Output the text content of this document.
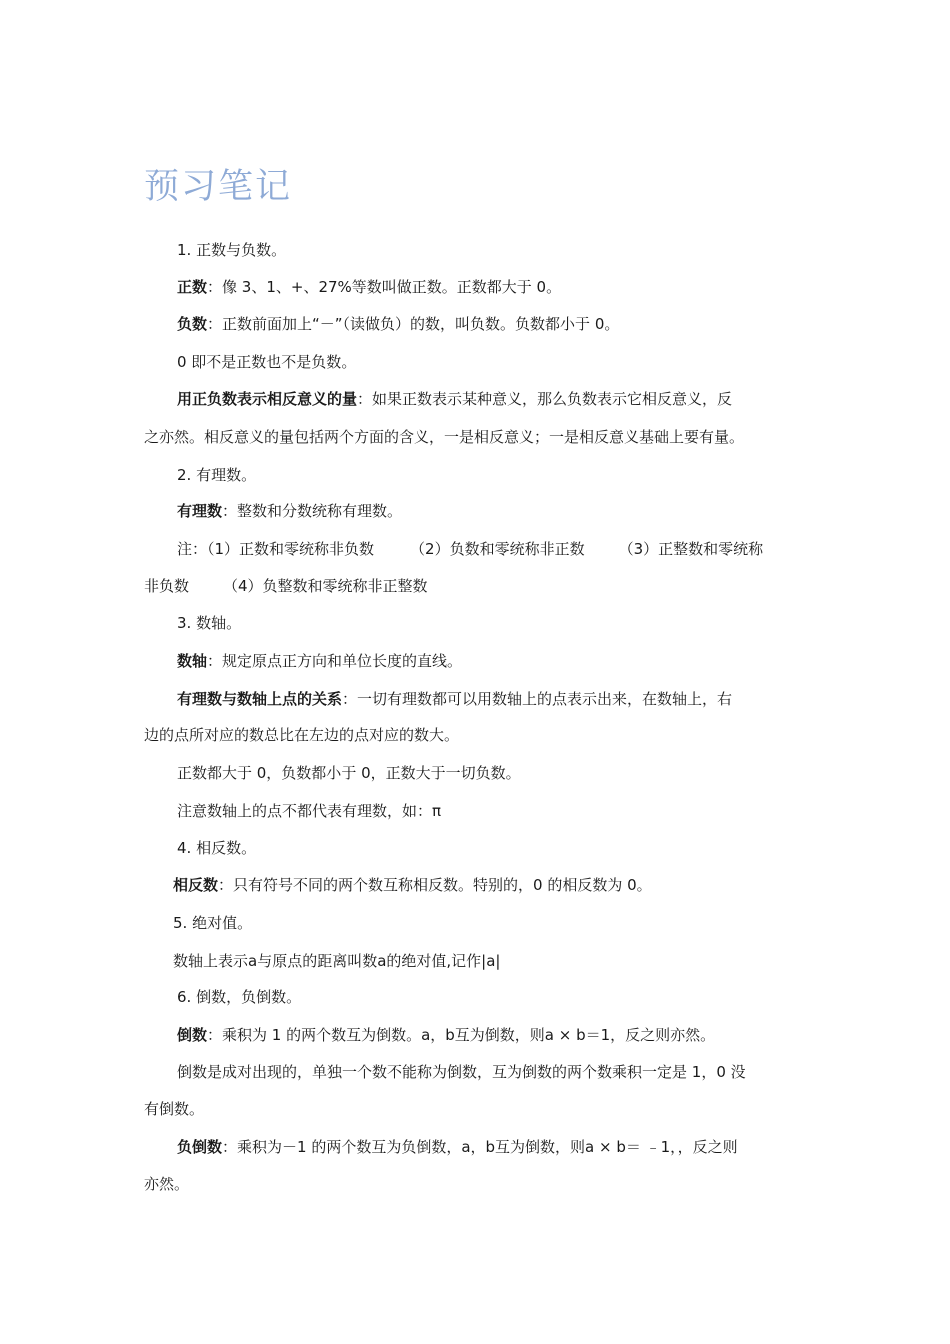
预习笔记

1. 正数与负数。

正数：像 3、1、+、27%等数叫做正数。正数都大于 0。

负数：正数前面加上“－”（读做负）的数，叫负数。负数都小于 0。

0 即不是正数也不是负数。

用正负数表示相反意义的量：如果正数表示某种意义，那么负数表示它相反意义，反

之亦然。相反意义的量包括两个方面的含义，一是相反意义；一是相反意义基础上要有量。

2. 有理数。

有理数：整数和分数统称有理数。

注：（1）正数和零统称非负数 （2）负数和零统称非正数 （3）正整数和零统称

非负数 （4）负整数和零统称非正整数

3. 数轴。

数轴：规定原点正方向和单位长度的直线。

有理数与数轴上点的关系：一切有理数都可以用数轴上的点表示出来，在数轴上，右

边的点所对应的数总比在左边的点对应的数大。

正数都大于 0，负数都小于 0，正数大于一切负数。

注意数轴上的点不都代表有理数，如：π

4. 相反数。

相反数：只有符号不同的两个数互称相反数。特别的，0 的相反数为 0。

5. 绝对值。

数轴上表示a与原点的距离叫数a的绝对值,记作|a|

6. 倒数，负倒数。

倒数：乘积为 1 的两个数互为倒数。a，b互为倒数，则a × b＝1，反之则亦然。

倒数是成对出现的，单独一个数不能称为倒数，互为倒数的两个数乘积一定是 1，0 没

有倒数。

负倒数：乘积为－1 的两个数互为负倒数，a，b互为倒数，则a × b＝ ﹣1，，反之则

亦然。
